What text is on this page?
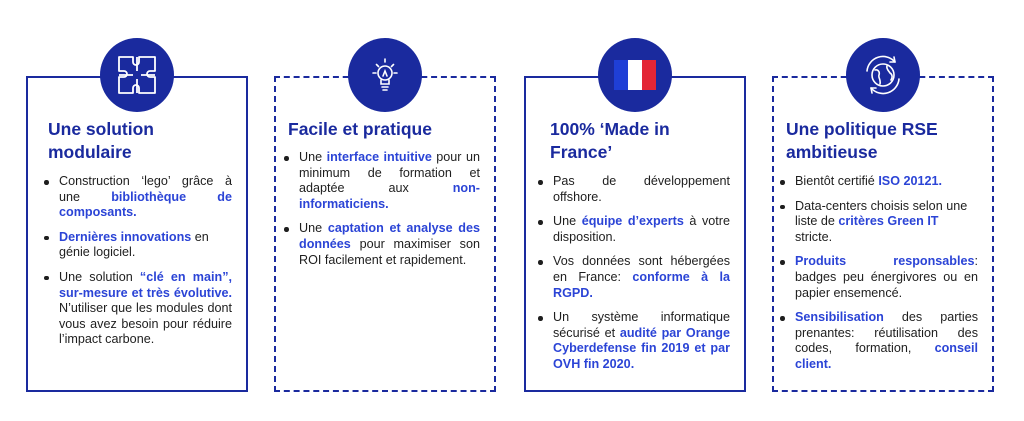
Une solution modulaire
Construction ‘lego’ grâce à une bibliothèque de composants.
Dernières innovations en génie logiciel.
Une solution “clé en main”, sur-mesure et très évolutive. N’utiliser que les modules dont vous avez besoin pour réduire l’impact carbone.
Facile et pratique
Une interface intuitive pour un minimum de formation et adaptée aux non-informaticiens.
Une captation et analyse des données pour maximiser son ROI facilement et rapidement.
100% ‘Made in France’
Pas de développement offshore.
Une équipe d’experts à votre disposition.
Vos données sont hébergées en France: conforme à la RGPD.
Un système informatique sécurisé et audité par Orange Cyberdefense fin 2019 et par OVH fin 2020.
Une politique RSE ambitieuse
Bientôt certifié ISO 20121.
Data-centers choisis selon une liste de critères Green IT stricte.
Produits responsables: badges peu énergivores ou en papier ensemencé.
Sensibilisation des parties prenantes: réutilisation des codes, formation, conseil client.
